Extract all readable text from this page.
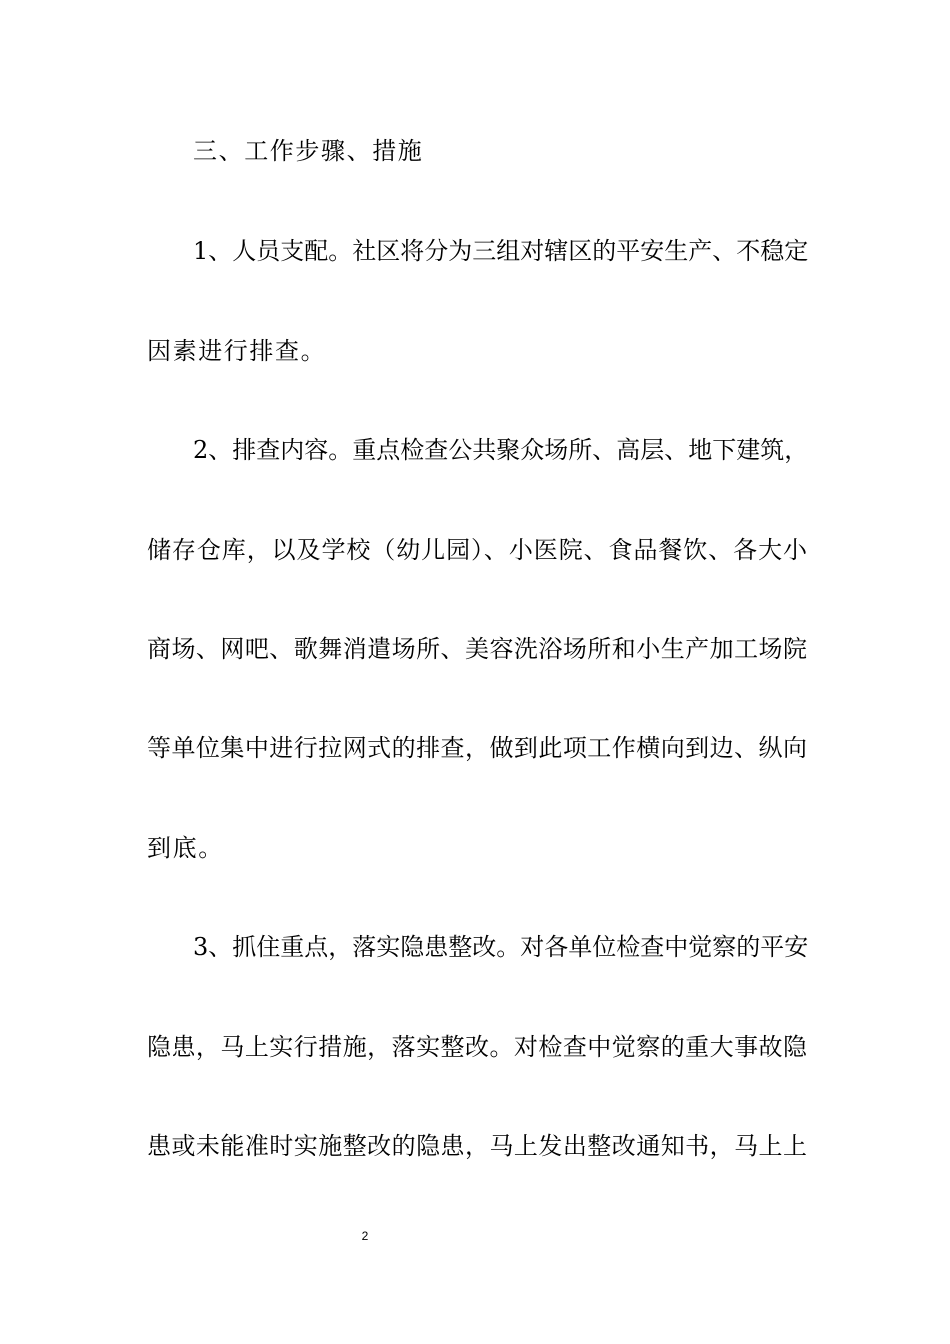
三、工作步骤、措施
1、人员支配。社区将分为三组对辖区的平安生产、不稳定
因素进行排查。
2、排查内容。重点检查公共聚众场所、高层、地下建筑，
储存仓库，以及学校（幼儿园）、小医院、食品餐饮、各大小
商场、网吧、歌舞消遣场所、美容洗浴场所和小生产加工场院
等单位集中进行拉网式的排查，做到此项工作横向到边、纵向
到底。
3、抓住重点，落实隐患整改。对各单位检查中觉察的平安
隐患，马上实行措施，落实整改。对检查中觉察的重大事故隐
患或未能准时实施整改的隐患，马上发出整改通知书，马上上
2
